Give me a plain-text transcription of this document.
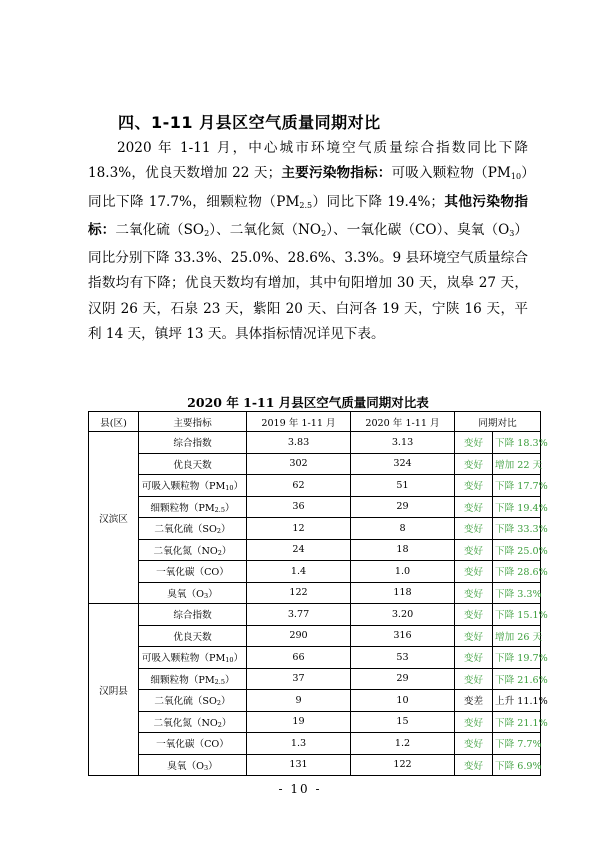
四、1-11 月县区空气质量同期对比
2020 年 1-11 月，中心城市环境空气质量综合指数同比下降 18.3%，优良天数增加 22 天；主要污染物指标：可吸入颗粒物$(PM_{10})$同比下降 17.7%，细颗粒物$(PM_{2.5})$同比下降 19.4%；其他污染物指标：二氧化硫$(SO_2)$、二氧化氮$(NO_2)$、一氧化碳（CO）、臭氧$(O_3)$同比分别下降 33.3%、25.0%、28.6%、3.3%。9 县环境空气质量综合指数均有下降；优良天数均有增加，其中旬阳增加 30 天，岚皋 27 天，汉阴 26 天，石泉 23 天，紫阳 20 天、白河各 19 天，宁陕 16 天，平利 14 天，镇坪 13 天。具体指标情况详见下表。
2020 年 1-11 月县区空气质量同期对比表
县(区)	主要指标	2019 年 1-11 月	2020 年 1-11 月	同期对比	
汉滨区	综合指数	3.83	3.13	变好	下降 18.3%
	优良天数	302	324	变好	增加 22 天
	可吸入颗粒物$(PM_{10})$	62	51	变好	下降 17.7%
	细颗粒物$(PM_{2.5})$	36	29	变好	下降 19.4%
	二氧化硫$(SO_2)$	12	8	变好	下降 33.3%
	二氧化氮$(NO_2)$	24	18	变好	下降 25.0%
	一氧化碳（CO）	1.4	1.0	变好	下降 28.6%
	臭氧$(O_3)$	122	118	变好	下降 3.3%
汉阴县	综合指数	3.77	3.20	变好	下降 15.1%
	优良天数	290	316	变好	增加 26 天
	可吸入颗粒物$(PM_{10})$	66	53	变好	下降 19.7%
	细颗粒物$(PM_{2.5})$	37	29	变好	下降 21.6%
	二氧化硫$(SO_2)$	9	10	变差	上升 11.1%
	二氧化氮$(NO_2)$	19	15	变好	下降 21.1%
	一氧化碳（CO）	1.3	1.2	变好	下降 7.7%
	臭氧$(O_3)$	131	122	变好	下降 6.9%
- 10 -
